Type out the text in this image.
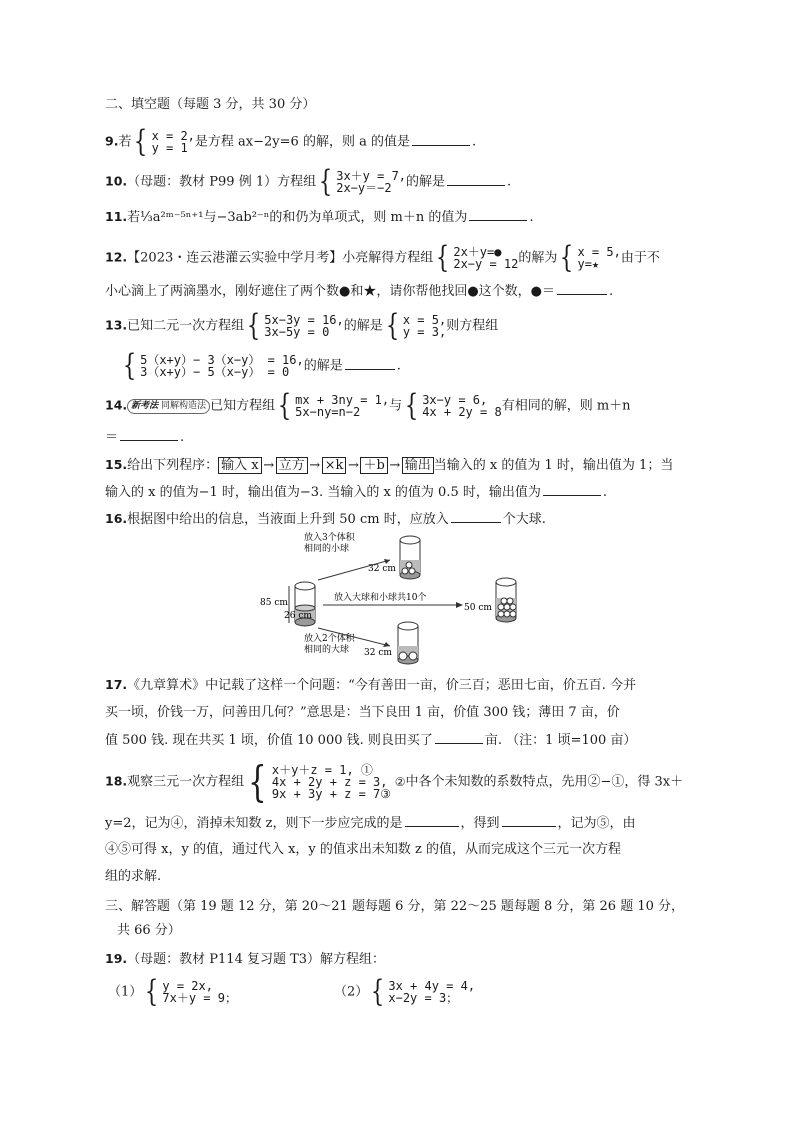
二、填空题（每题 3 分，共 30 分）
9.若 { x = 2,
y = 1 是方程 ax−2y=6 的解，则 a 的值是	.
10.（母题：教材 P99 例 1）方程组 { 3x＋y = 7,
2x−y＝−2	的解是	.
11.若⅓a²ᵐ⁻⁵ⁿ⁺¹与−3ab²⁻ⁿ的和仍为单项式，则 m＋n 的值为	.
12.【2023・连云港灌云实验中学月考】小亮解得方程组 { 2x＋y=●
2x−y = 12 的解为 { x = 5,
y=★	由于不
小心滴上了两滴墨水，刚好遮住了两个数●和★，请你帮他找回●这个数，●＝	.
13.已知二元一次方程组 { 5x−3y = 16,
3x−5y = 0	的解是 { x = 5,
y = 3, 则方程组
{ 5（x+y）− 3（x−y） = 16,
3（x+y）− 5（x−y） = 0	的解是	.
14. 新考法 同解构造法 已知方程组 { mx + 3ny = 1,
5x−ny=n−2	与 { 3x−y = 6,
4x + 2y = 8 有相同的解，则 m＋n
＝	.
15.给出下列程序： 输入 x → 立方 → ×k → ＋b → 输出 当输入的 x 的值为 1 时，输出值为 1；当
输入的 x 的值为−1 时，输出值为−3. 当输入的 x 的值为 0.5 时，输出值为	.
16.根据图中给出的信息，当液面上升到 50 cm 时，应放入	个大球.
85 cm
26 cm
放入3个体积
相同的小球
放入大球和小球共10个
放入2个体积
相同的大球
32 cm
50 cm
32 cm
17.《九章算术》中记载了这样一个问题：“今有善田一亩，价三百；恶田七亩，价五百. 今并
买一顷，价钱一万，问善田几何？”意思是：当下良田 1 亩，价值 300 钱；薄田 7 亩，价
值 500 钱. 现在共买 1 顷，价值 10 000 钱. 则良田买了	亩. （注：1 顷=100 亩）
18.观察三元一次方程组 { x＋y＋z = 1, ①
4x + 2y + z = 3, ②
9x + 3y + z = 7③
中各个未知数的系数特点，先用②−①，得 3x＋
y=2，记为④，消掉未知数 z，则下一步应完成的是	，得到	，记为⑤，由
④⑤可得 x，y 的值，通过代入 x，y 的值求出未知数 z 的值，从而完成这个三元一次方程
组的求解.
三、解答题（第 19 题 12 分，第 20～21 题每题 6 分，第 22～25 题每题 8 分，第 26 题 10 分，
共 66 分）
19.（母题：教材 P114 复习题 T3）解方程组：
（1） { y = 2x,
7x＋y = 9；	（2） { 3x + 4y = 4,
x−2y = 3；
